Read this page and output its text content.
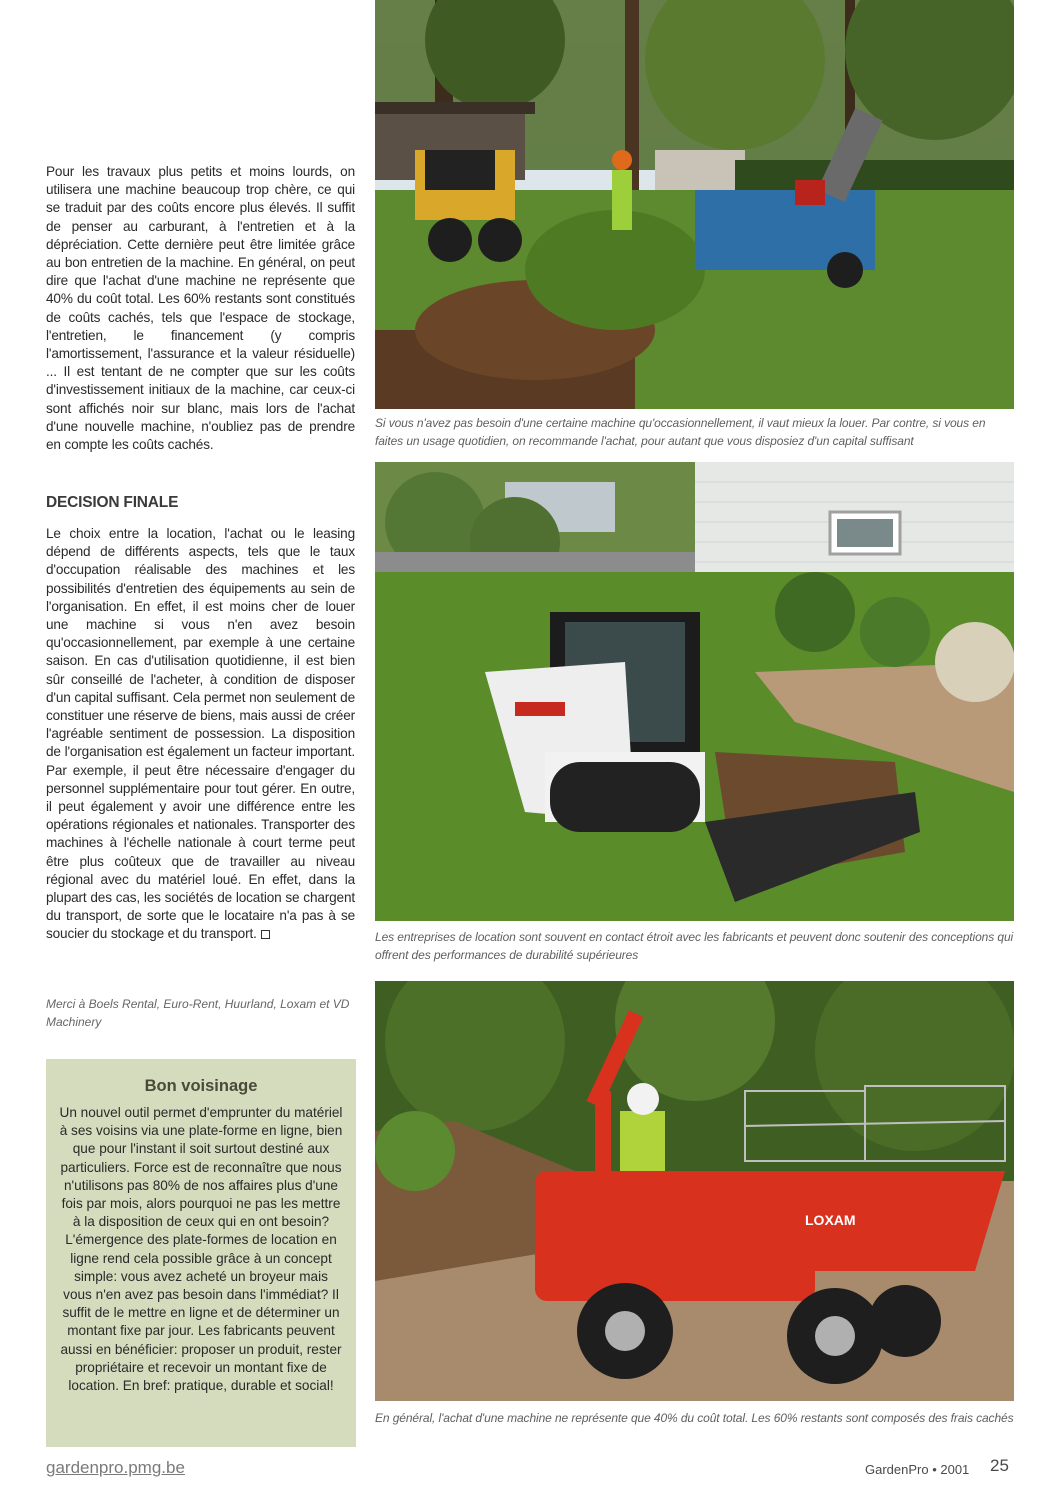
Pour les travaux plus petits et moins lourds, on utilisera une machine beaucoup trop chère, ce qui se traduit par des coûts encore plus élevés. Il suffit de penser au carburant, à l'entretien et à la dépréciation. Cette dernière peut être limitée grâce au bon entretien de la machine. En général, on peut dire que l'achat d'une machine ne représente que 40% du coût total. Les 60% restants sont constitués de coûts cachés, tels que l'espace de stockage, l'entretien, le financement (y compris l'amortissement, l'assurance et la valeur résiduelle) ... Il est tentant de ne compter que sur les coûts d'investissement initiaux de la machine, car ceux-ci sont affichés noir sur blanc, mais lors de l'achat d'une nouvelle machine, n'oubliez pas de prendre en compte les coûts cachés.

DECISION FINALE
Le choix entre la location, l'achat ou le leasing dépend de différents aspects, tels que le taux d'occupation réalisable des machines et les possibilités d'entretien des équipements au sein de l'organisation. En effet, il est moins cher de louer une machine si vous n'en avez besoin qu'occasionnellement, par exemple à une certaine saison. En cas d'utilisation quotidienne, il est bien sûr conseillé de l'acheter, à condition de disposer d'un capital suffisant. Cela permet non seulement de constituer une réserve de biens, mais aussi de créer l'agréable sentiment de possession. La disposition de l'organisation est également un facteur important. Par exemple, il peut être nécessaire d'engager du personnel supplémentaire pour tout gérer. En outre, il peut également y avoir une différence entre les opérations régionales et nationales. Transporter des machines à l'échelle nationale à court terme peut être plus coûteux que de travailler au niveau régional avec du matériel loué. En effet, dans la plupart des cas, les sociétés de location se chargent du transport, de sorte que le locataire n'a pas à se soucier du stockage et du transport.
Merci à Boels Rental, Euro-Rent, Huurland, Loxam et VD Machinery
Bon voisinage
Un nouvel outil permet d'emprunter du matériel à ses voisins via une plate-forme en ligne, bien que pour l'instant il soit surtout destiné aux particuliers. Force est de reconnaître que nous n'utilisons pas 80% de nos affaires plus d'une fois par mois, alors pourquoi ne pas les mettre à la disposition de ceux qui en ont besoin? L'émergence des plate-formes de location en ligne rend cela possible grâce à un concept simple: vous avez acheté un broyeur mais vous n'en avez pas besoin dans l'immédiat? Il suffit de le mettre en ligne et de déterminer un montant fixe par jour. Les fabricants peuvent aussi en bénéficier: proposer un produit, rester propriétaire et recevoir un montant fixe de location. En bref: pratique, durable et social!
Si vous n'avez pas besoin d'une certaine machine qu'occasionnellement, il vaut mieux la louer. Par contre, si vous en faites un usage quotidien, on recommande l'achat, pour autant que vous disposiez d'un capital suffisant
Les entreprises de location sont souvent en contact étroit avec les fabricants et peuvent donc soutenir des conceptions qui offrent des performances de durabilité supérieures
LOXAM
En général, l'achat d'une machine ne représente que 40% du coût total. Les 60% restants sont composés des frais cachés
gardenpro.pmg.be	GardenPro • 2001 25
